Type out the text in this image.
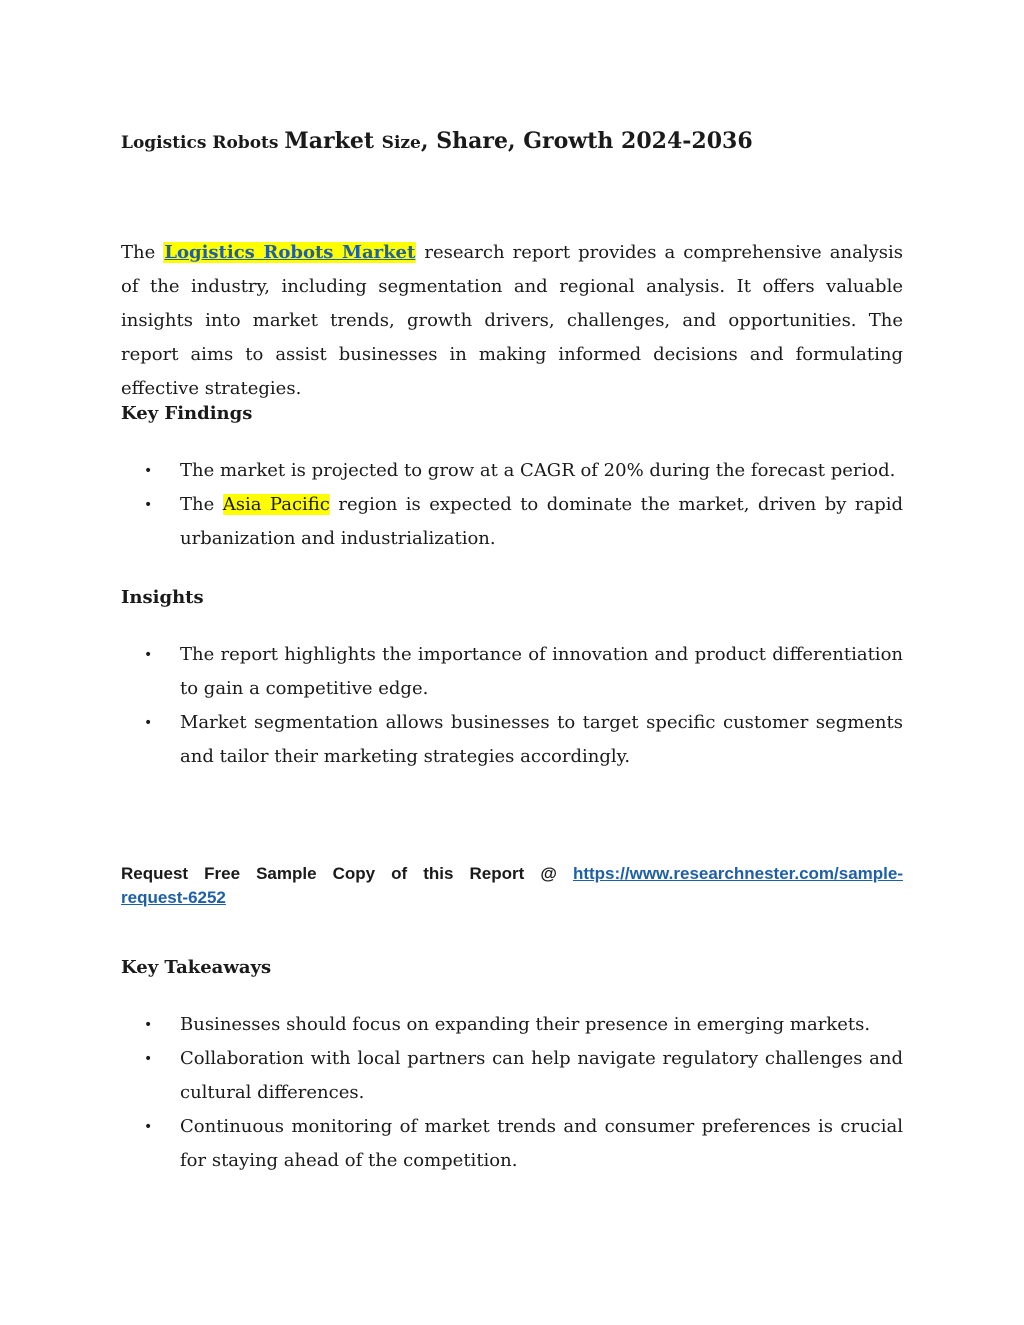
Logistics Robots Market Size, Share, Growth 2024-2036

The Logistics Robots Market research report provides a comprehensive analysis of the industry, including segmentation and regional analysis. It offers valuable insights into market trends, growth drivers, challenges, and opportunities. The report aims to assist businesses in making informed decisions and formulating effective strategies.

Key Findings
• The market is projected to grow at a CAGR of 20% during the forecast period.
• The Asia Pacific region is expected to dominate the market, driven by rapid urbanization and industrialization.
Insights
• The report highlights the importance of innovation and product differentiation to gain a competitive edge.
• Market segmentation allows businesses to target specific customer segments and tailor their marketing strategies accordingly.

Request Free Sample Copy of this Report @ https://www.researchnester.com/sample-request-6252

Key Takeaways
• Businesses should focus on expanding their presence in emerging markets.
• Collaboration with local partners can help navigate regulatory challenges and cultural differences.
• Continuous monitoring of market trends and consumer preferences is crucial for staying ahead of the competition.
